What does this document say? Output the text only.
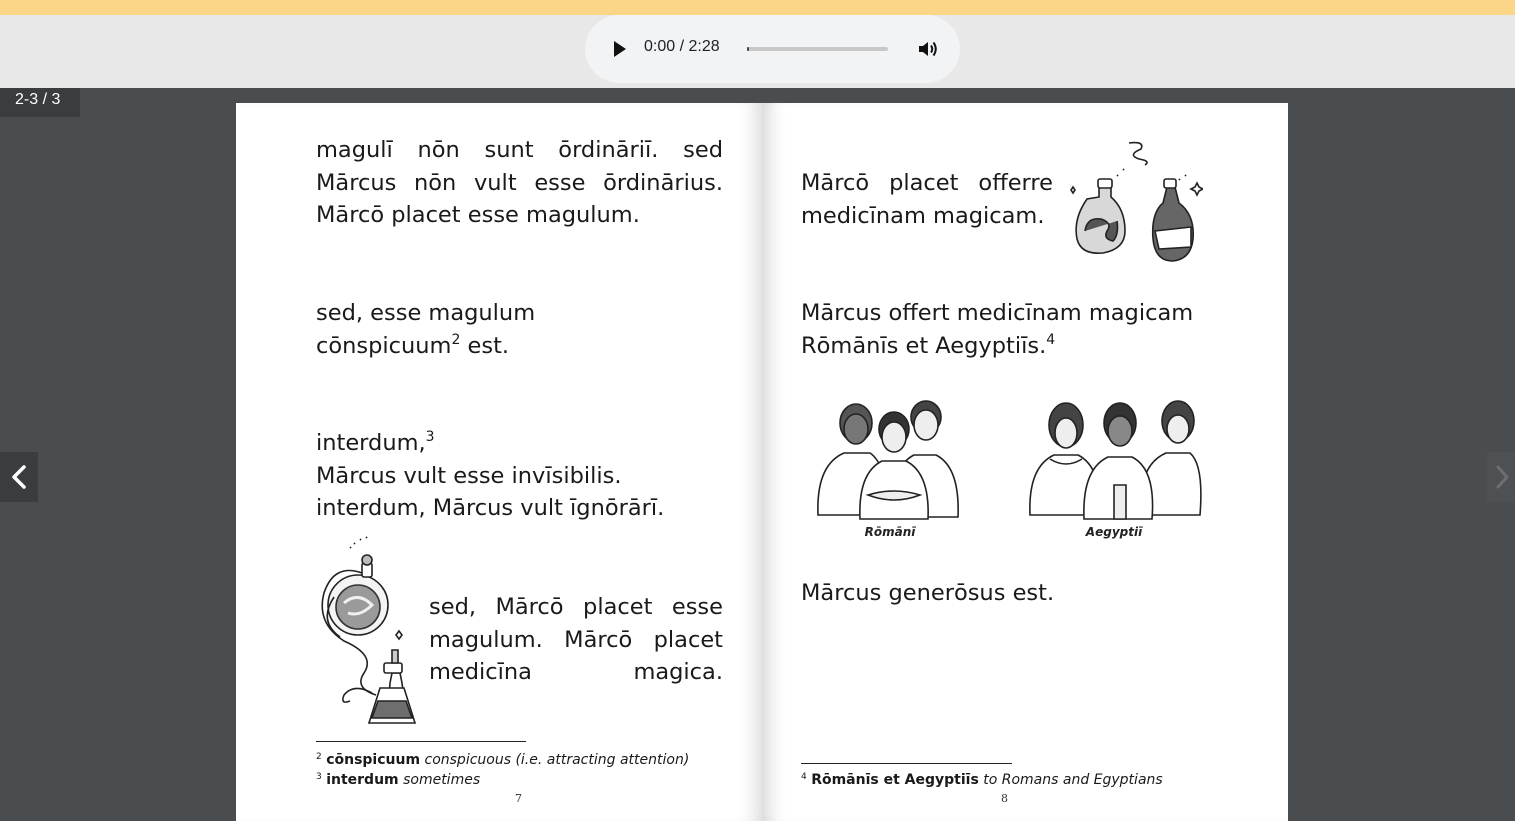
0:00 / 2:28
2-3 / 3
magulī nōn sunt ōrdināriī. sed
Mārcus nōn vult esse ōrdinārius.
Mārcō placet esse magulum.
sed, esse magulum
cōnspicuum$^2$ est.
interdum,$^3$
Mārcus vult esse invīsibilis.
interdum, Mārcus vult īgnōrārī.
sed, Mārcō placet esse
magulum. Mārcō placet
medicīna magica.
$^2$ cōnspicuum conspicuous (i.e. attracting attention)
$^3$ interdum sometimes
7
Mārcō placet offerre
medicīnam magicam.
Mārcus offert medicīnam magicam
Rōmānīs et Aegyptiīs.$^4$
Rōmānī	Aegyptiī
Mārcus generōsus est.
$^4$ Rōmānīs et Aegyptiīs to Romans and Egyptians
8
